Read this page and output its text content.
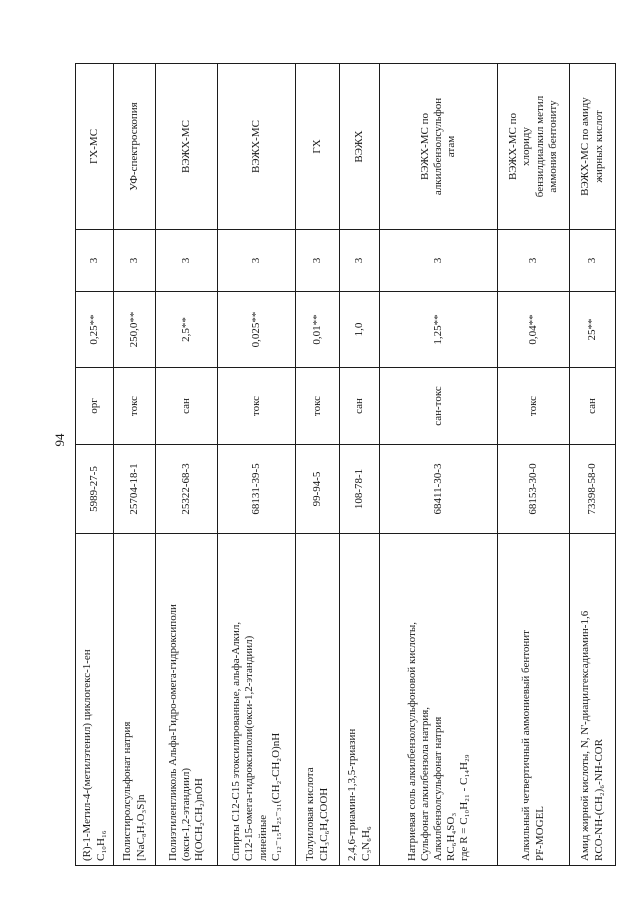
94
(R)-1-Метил-4-(метилэтенил) циклогекс-1-ен C₁₀H₁₆	5989-27-5	орг	0,25**	3	ГХ-МС

Полистиролсульфонат натрия [NaC₈H₇O₃S]n	25704-18-1	токс	250,0**	3	УФ-спектроскопия

Полиэтиленгликоль Альфа-Гидро-омега-гидроксиполи (окси-1,2-этандиил) H(OCH₂CH₂)nOH	25322-68-3	сан	2,5**	3	ВЭЖХ-МС

Спирты C12-C15 этоксилированные, альфа-Алкил, C12-15-омега-гидроксиполи(окси-1,2-этандиил) линейные C₁₂₋₁₅H₂₅₋₃₁(CH₂-CH₂O)nH	68131-39-5	токс	0,025**	3	ВЭЖХ-МС

Толуиловая кислота CH₃C₆H₄COOH	99-94-5	токс	0,01**	3	ГХ

2,4,6-триамин-1,3,5-триазин C₃N₆H₆	108-78-1	сан	1,0	3	ВЭЖХ

Натриевая соль алкилбензолсульфоновой кислоты, Сульфонат алкилбензола натрия, Алкилбензолсульфонат натрия RC₆H₄SO₃ где R = C₁₀H₂₁ - C₁₄H₂₉	68411-30-3	сан-токс	1,25**	3	ВЭЖХ-МС по алкилбензолсульфон атам

Алкильный четвертичный аммониевый бентонит PF-MOGEL	68153-30-0	токс	0,04**	3	ВЭЖХ-МС по хлориду бензилдиалкил метил аммония бентониту

Амид жирной кислоты, N, N'-диацилгексадиамин-1,6 RCO-NH-(CH₂)₆-NH-COR	73398-58-0	сан	25**	3	ВЭЖХ-МС по амиду жирных кислот
